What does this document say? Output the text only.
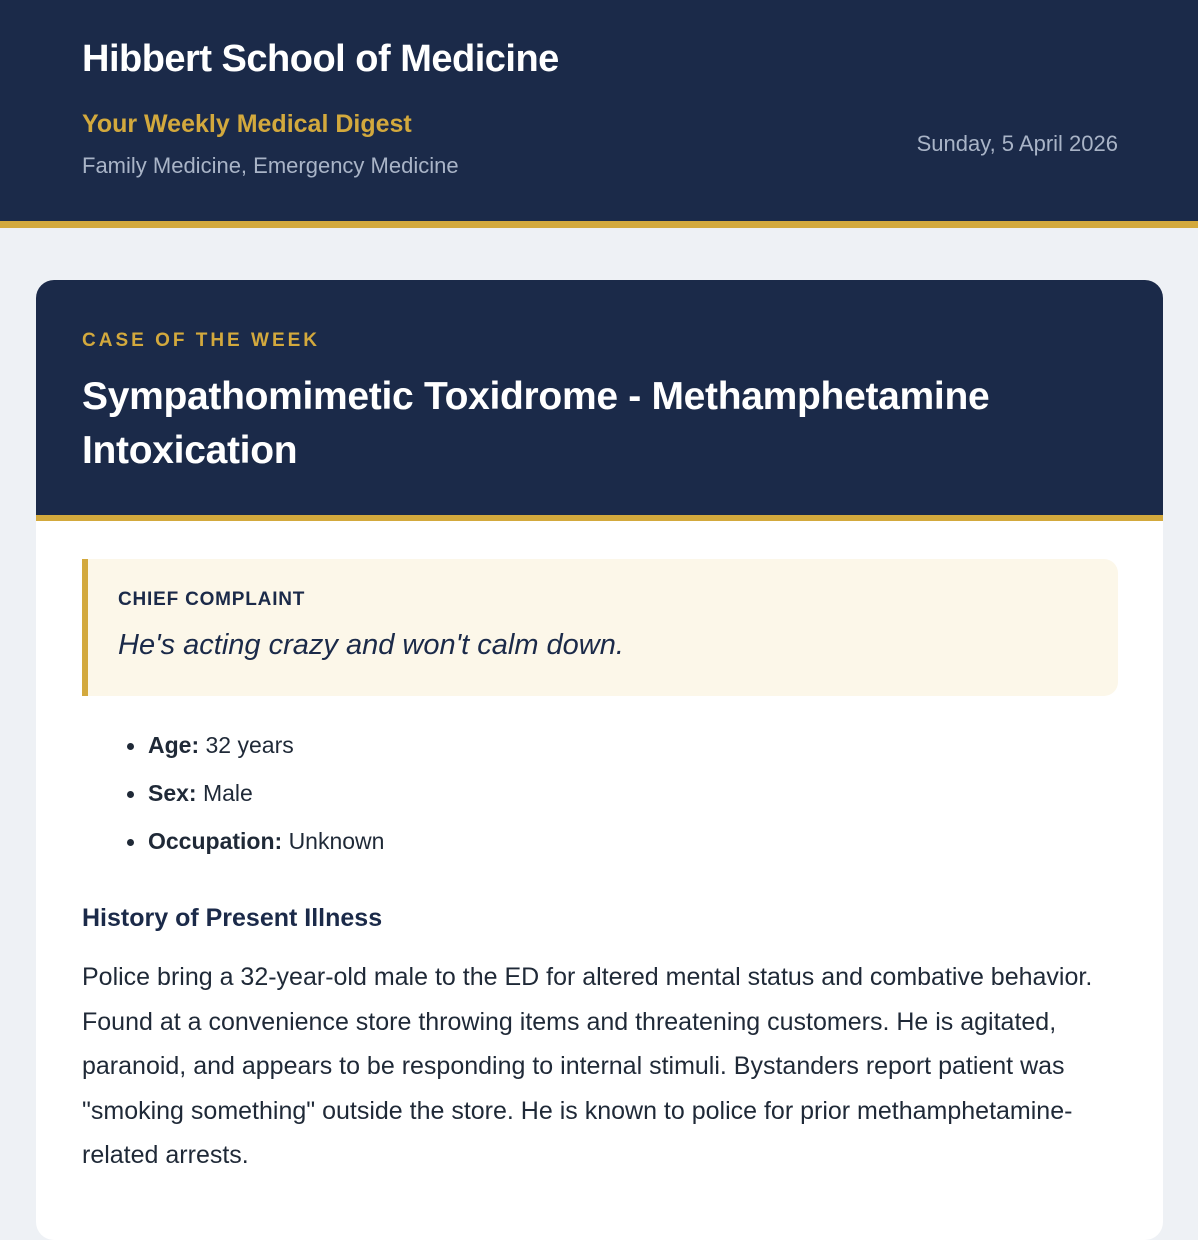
Hibbert School of Medicine
Your Weekly Medical Digest
Family Medicine, Emergency Medicine
Sunday, 5 April 2026
CASE OF THE WEEK
Sympathomimetic Toxidrome - Methamphetamine Intoxication
CHIEF COMPLAINT
He's acting crazy and won't calm down.
Age: 32 years
Sex: Male
Occupation: Unknown
History of Present Illness

Police bring a 32-year-old male to the ED for altered mental status and combative behavior. Found at a convenience store throwing items and threatening customers. He is agitated, paranoid, and appears to be responding to internal stimuli. Bystanders report patient was "smoking something" outside the store. He is known to police for prior methamphetamine-related arrests.
